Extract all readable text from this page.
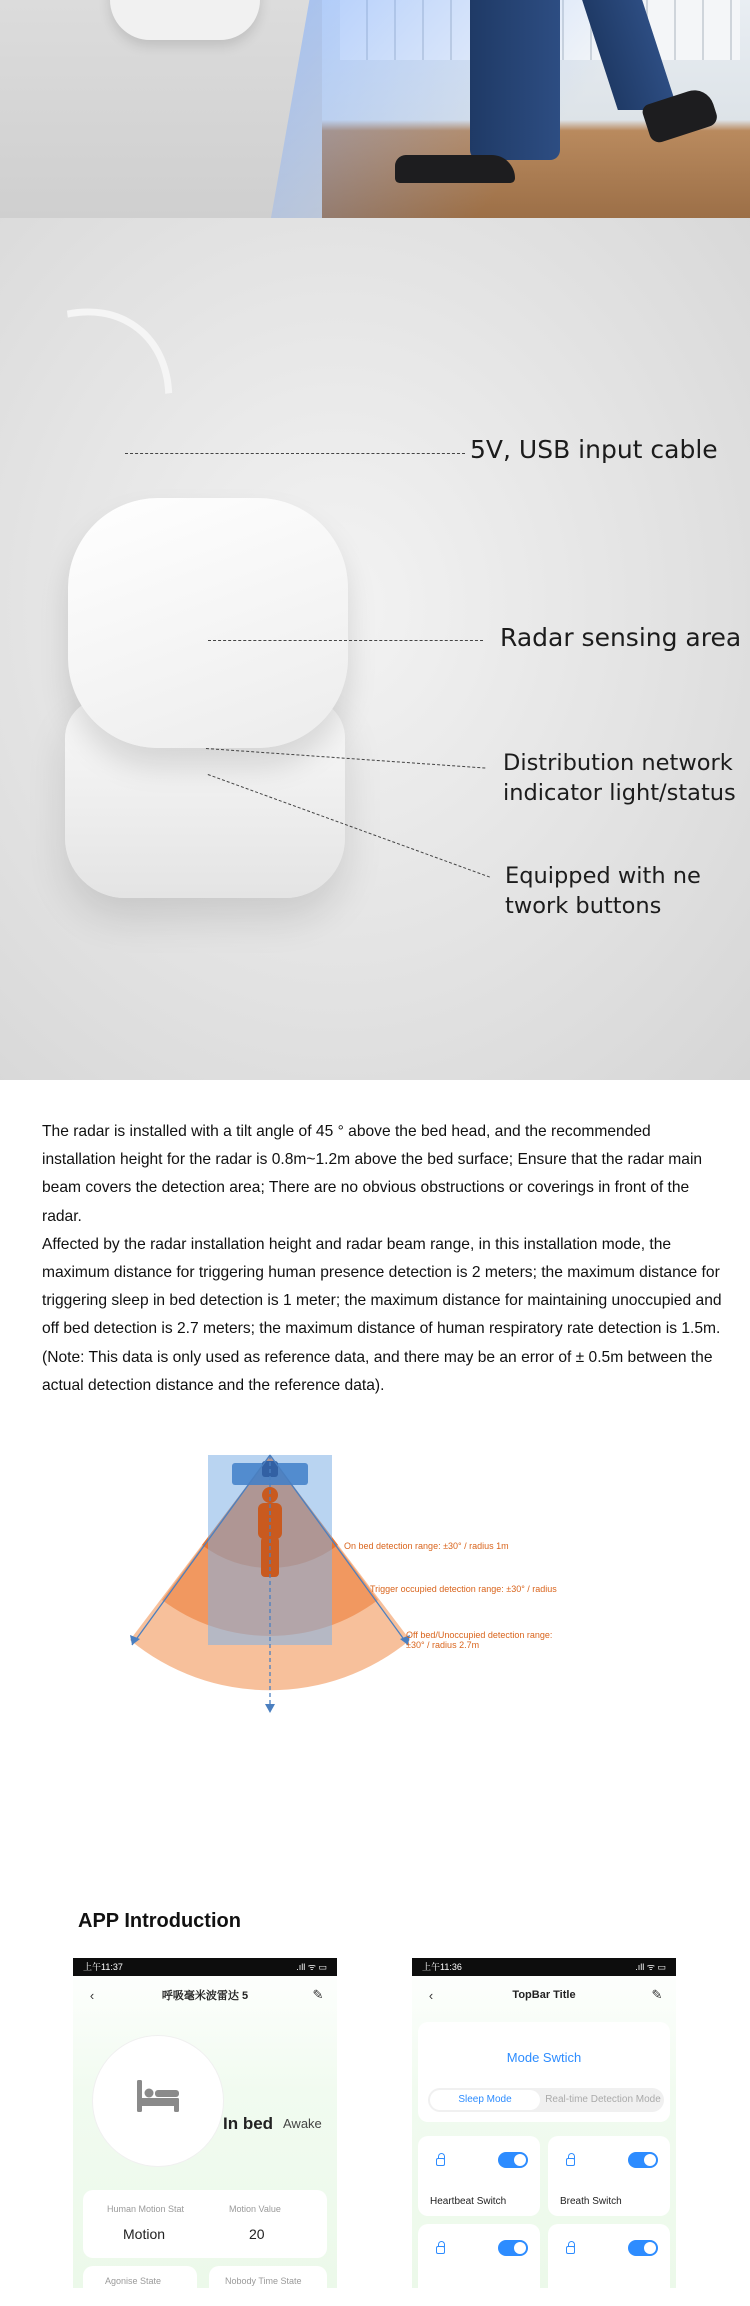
5V, USB input cable
Radar sensing area
Distribution network
indicator light/status
Equipped with ne
twork buttons

The radar is installed with a tilt angle of 45 ° above the bed head, and the recommended installation height for the radar is 0.8m~1.2m above the bed surface; Ensure that the radar main beam covers the detection area; There are no obvious obstructions or coverings in front of the radar.

Affected by the radar installation height and radar beam range, in this installation mode, the maximum distance for triggering human presence detection is 2 meters; the maximum distance for triggering sleep in bed detection is 1 meter; the maximum distance for maintaining unoccupied and off bed detection is 2.7 meters; the maximum distance of human respiratory rate detection is 1.5m.

(Note: This data is only used as reference data, and there may be an error of ± 0.5m between the actual detection distance and the reference data).

On bed detection range: ±30° / radius 1m
Trigger occupied detection range: ±30° / radius
Off bed/Unoccupied detection range:
±30° / radius 2.7m
APP Introduction
上午11:37	.ıll ᯤ ▭
‹	呼吸毫米波雷达 5	✎
In bed Awake
Human Motion Stat
Motion
Motion Value
20
Agonise State	Nobody Time State
上午11:36	.ıll ᯤ ▭
‹	TopBar Title	✎
Mode Swtich
Sleep Mode	Real-time Detection Mode
Heartbeat Switch	Breath Switch
